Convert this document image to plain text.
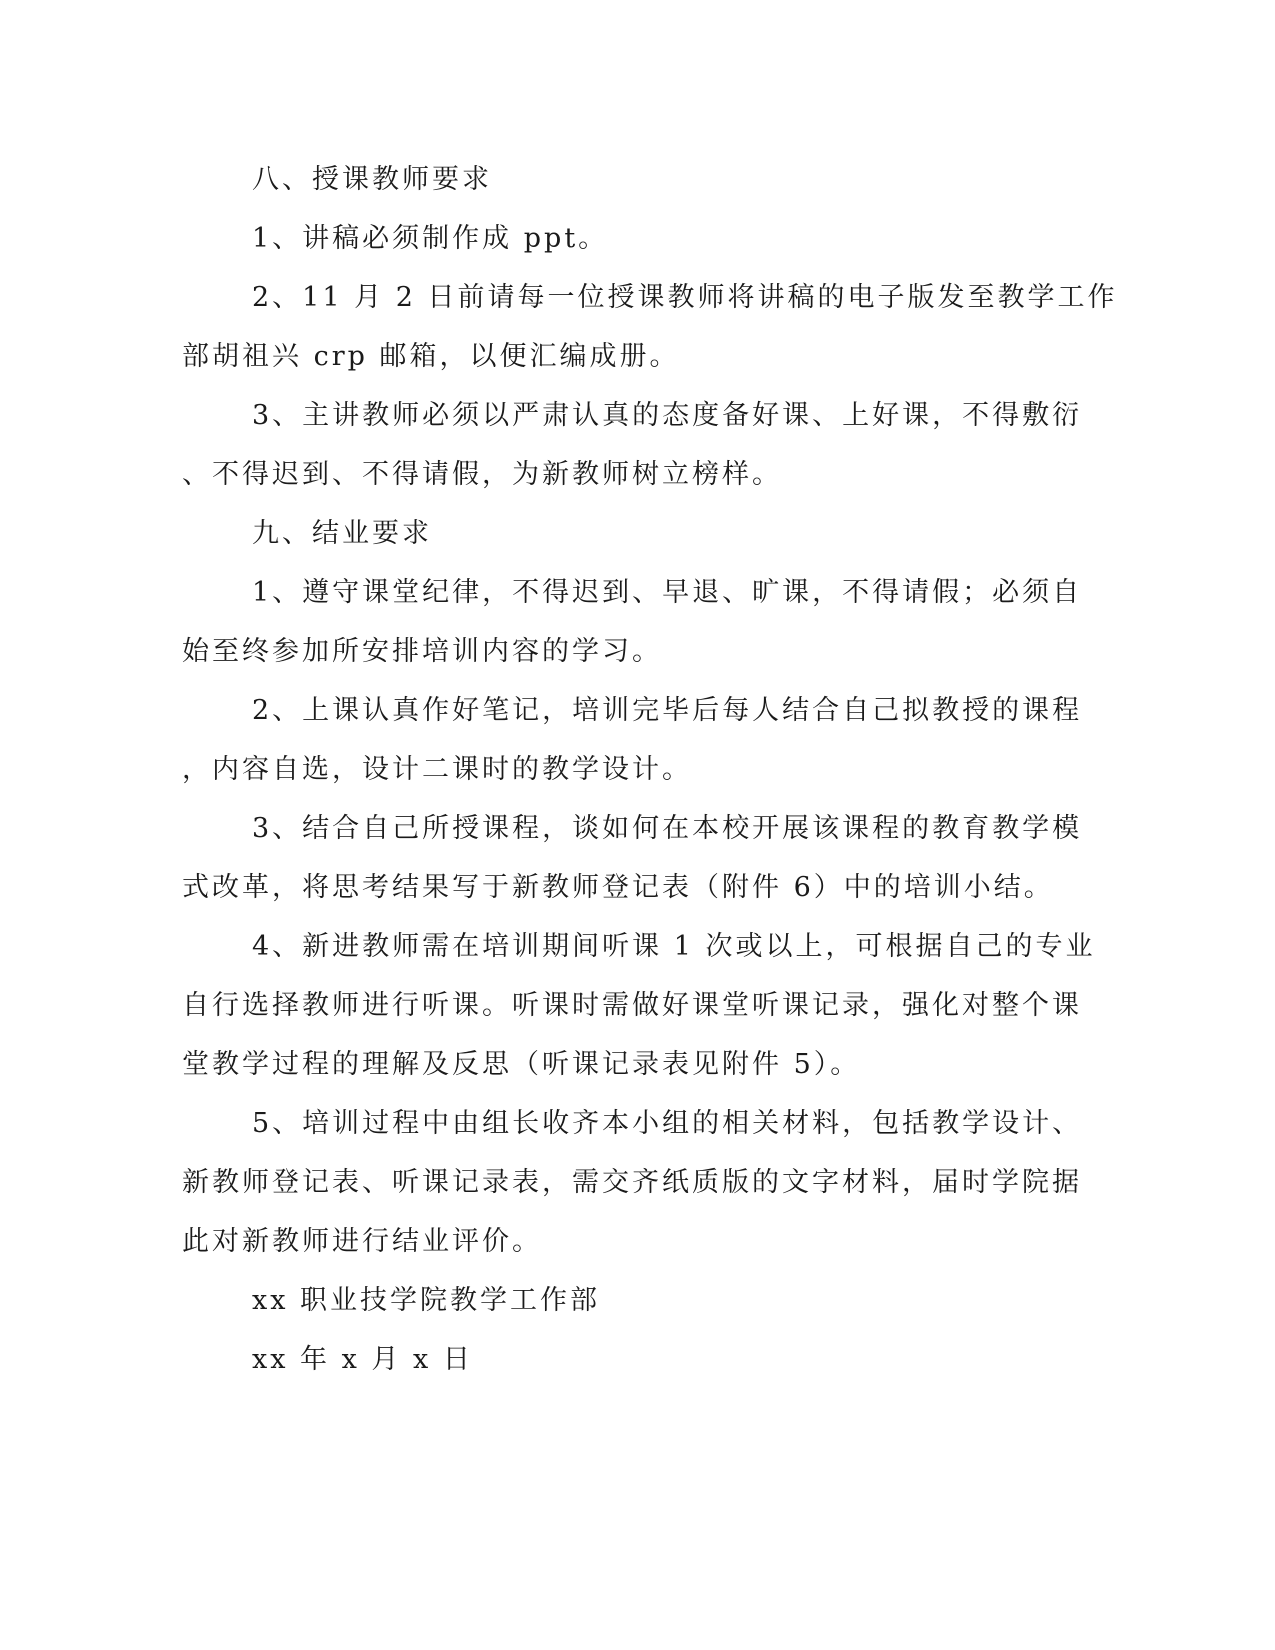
八、授课教师要求
1、讲稿必须制作成 ppt。
2、11 月 2 日前请每一位授课教师将讲稿的电子版发至教学工作
部胡祖兴 crp 邮箱，以便汇编成册。
3、主讲教师必须以严肃认真的态度备好课、上好课，不得敷衍
、不得迟到、不得请假，为新教师树立榜样。
九、结业要求
1、遵守课堂纪律，不得迟到、早退、旷课，不得请假；必须自
始至终参加所安排培训内容的学习。
2、上课认真作好笔记，培训完毕后每人结合自己拟教授的课程
，内容自选，设计二课时的教学设计。
3、结合自己所授课程，谈如何在本校开展该课程的教育教学模
式改革，将思考结果写于新教师登记表（附件 6）中的培训小结。
4、新进教师需在培训期间听课 1 次或以上，可根据自己的专业
自行选择教师进行听课。听课时需做好课堂听课记录，强化对整个课
堂教学过程的理解及反思（听课记录表见附件 5）。
5、培训过程中由组长收齐本小组的相关材料，包括教学设计、
新教师登记表、听课记录表，需交齐纸质版的文字材料，届时学院据
此对新教师进行结业评价。
xx 职业技学院教学工作部
xx 年 x 月 x 日
